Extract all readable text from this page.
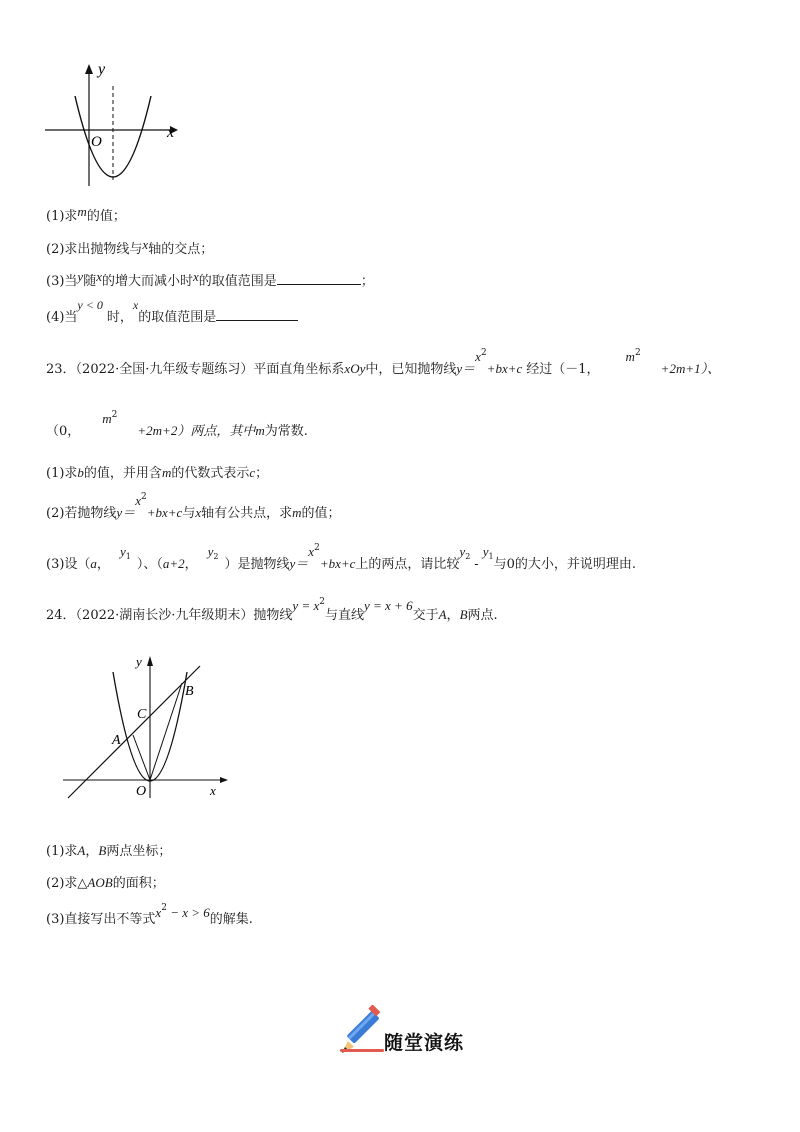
y
x
O
(1)求m的值；
(2)求出抛物线与x轴的交点；
(3)当y随x的增大而减小时x的取值范围是	；
(4)当y < 0时，x的取值范围是
23．（2022·全国·九年级专题练习）平面直角坐标系xOy中，已知抛物线$y=x^2+bx+c$ 经过（－1，$m^2+2m+1$）、
（0，$m^2+2m+2$）两点，其中m为常数.
(1)求b的值，并用含m的代数式表示c；
(2)若抛物线$y=x^2+bx+c$与x轴有公共点，求m的值；
(3)设（a，$y^1$）、（a+2，$y^2$）是抛物线$y=x^2+bx+c$上的两点，请比较$y^2-y^1$与0的大小，并说明理由.
24．（2022·湖南长沙·九年级期末）抛物线$y = x^2$与直线y = x + 6交于A，B两点.
y
x
O
A
B
C
(1)求A，B两点坐标；
(2)求△AOB的面积；
(3)直接写出不等式$x^2 - x > 6$的解集.
随堂演练
